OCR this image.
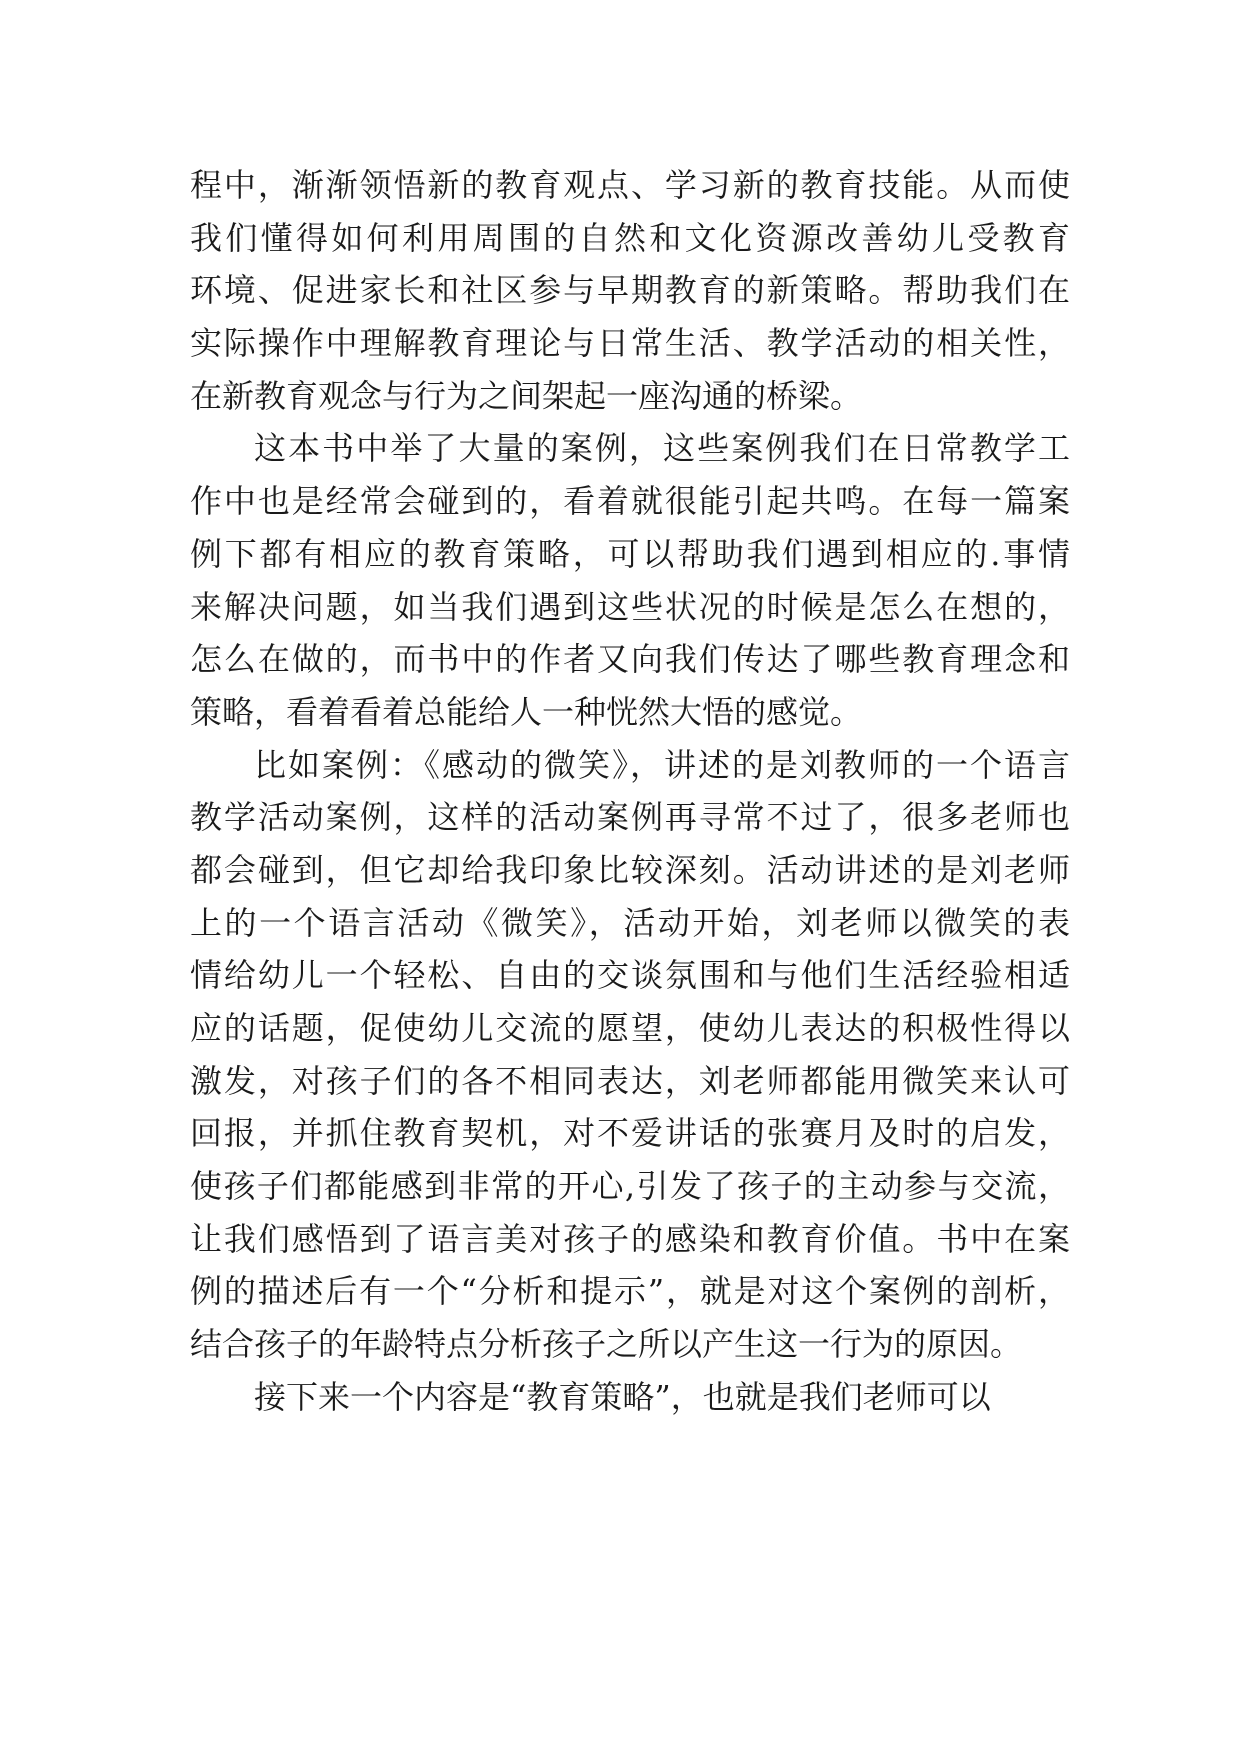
程中，渐渐领悟新的教育观点、学习新的教育技能。从而使
我们懂得如何利用周围的自然和文化资源改善幼儿受教育
环境、促进家长和社区参与早期教育的新策略。帮助我们在
实际操作中理解教育理论与日常生活、教学活动的相关性，
在新教育观念与行为之间架起一座沟通的桥梁。
这本书中举了大量的案例，这些案例我们在日常教学工
作中也是经常会碰到的，看着就很能引起共鸣。在每一篇案
例下都有相应的教育策略，可以帮助我们遇到相应的.事情
来解决问题，如当我们遇到这些状况的时候是怎么在想的，
怎么在做的，而书中的作者又向我们传达了哪些教育理念和
策略，看着看着总能给人一种恍然大悟的感觉。
比如案例：《感动的微笑》，讲述的是刘教师的一个语言
教学活动案例，这样的活动案例再寻常不过了，很多老师也
都会碰到，但它却给我印象比较深刻。活动讲述的是刘老师
上的一个语言活动《微笑》，活动开始，刘老师以微笑的表
情给幼儿一个轻松、自由的交谈氛围和与他们生活经验相适
应的话题，促使幼儿交流的愿望，使幼儿表达的积极性得以
激发，对孩子们的各不相同表达，刘老师都能用微笑来认可
回报，并抓住教育契机，对不爱讲话的张赛月及时的启发，
使孩子们都能感到非常的开心,引发了孩子的主动参与交流，
让我们感悟到了语言美对孩子的感染和教育价值。书中在案
例的描述后有一个“分析和提示”，就是对这个案例的剖析，
结合孩子的年龄特点分析孩子之所以产生这一行为的原因。
接下来一个内容是“教育策略”，也就是我们老师可以
